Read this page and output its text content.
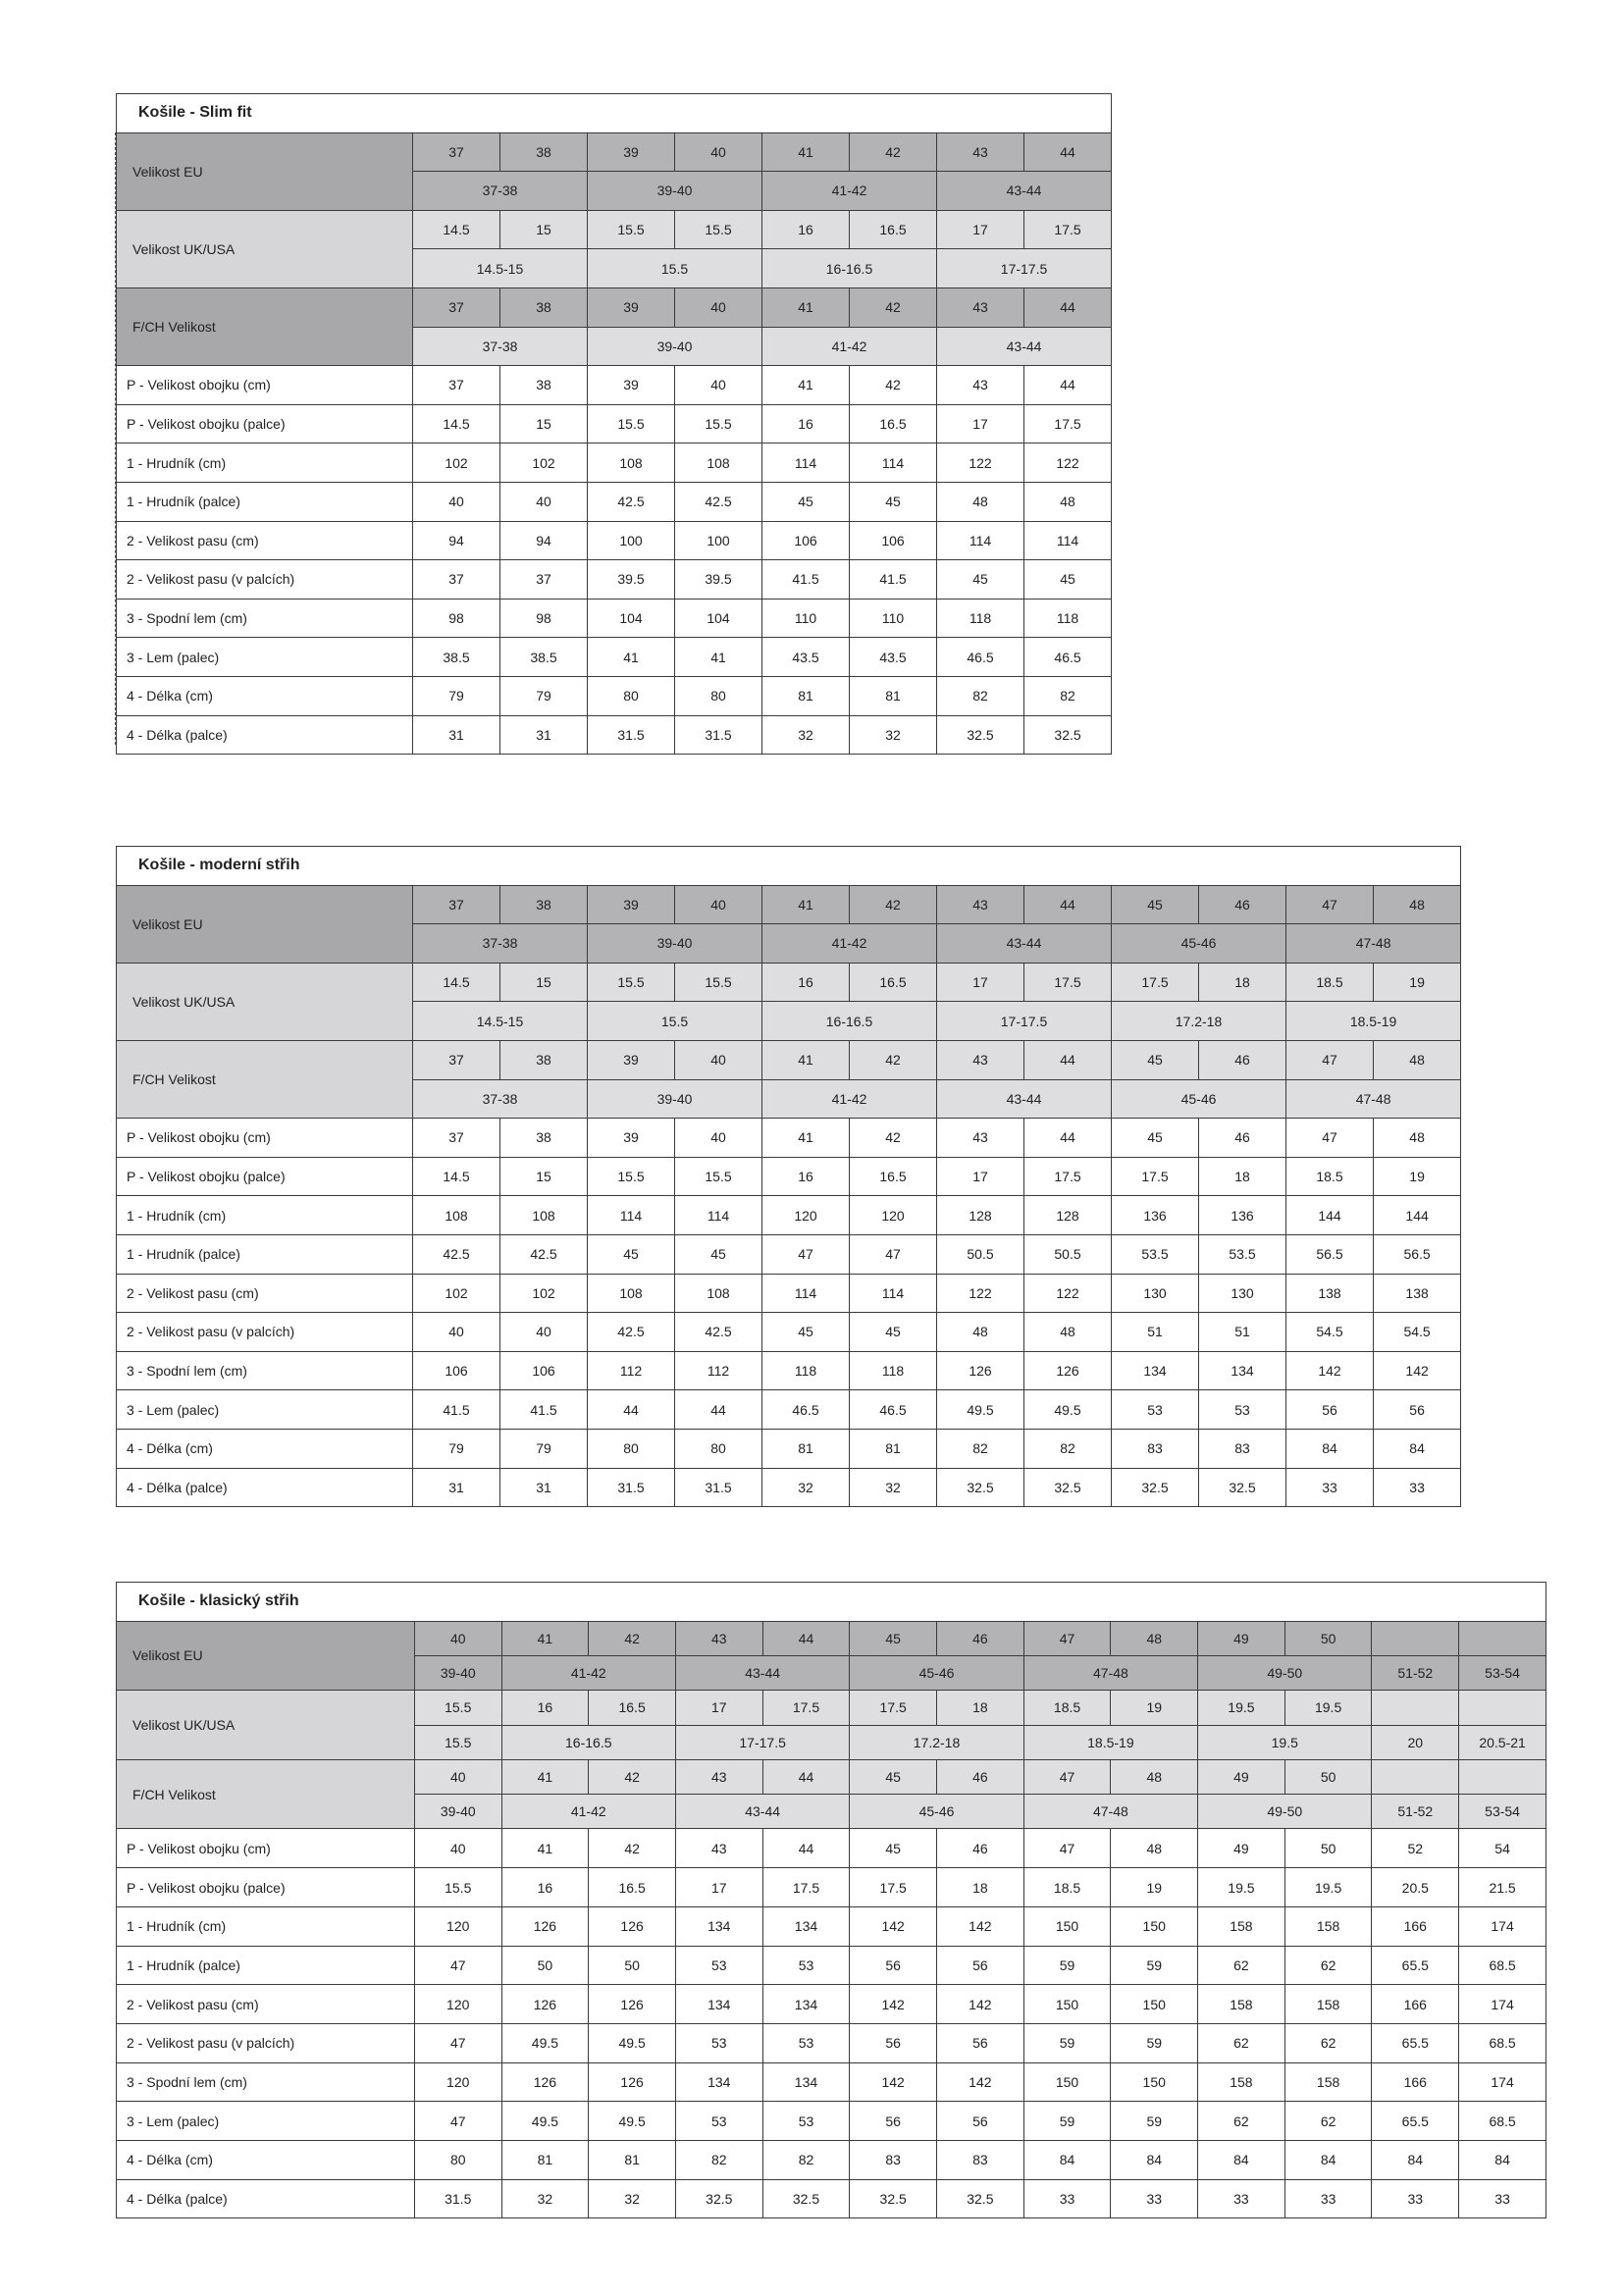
Košile - Slim fit								
Velikost EU	37	38	39	40	41	42	43	44
	37-38		39-40		41-42		43-44	
Velikost UK/USA	14.5	15	15.5	15.5	16	16.5	17	17.5
	14.5-15		15.5		16-16.5		17-17.5	
F/CH Velikost	37	38	39	40	41	42	43	44
	37-38		39-40		41-42		43-44	
P - Velikost obojku (cm)	37	38	39	40	41	42	43	44
P - Velikost obojku (palce)	14.5	15	15.5	15.5	16	16.5	17	17.5
1 - Hrudník (cm)	102	102	108	108	114	114	122	122
1 - Hrudník (palce)	40	40	42.5	42.5	45	45	48	48
2 - Velikost pasu (cm)	94	94	100	100	106	106	114	114
2 - Velikost pasu (v palcích)	37	37	39.5	39.5	41.5	41.5	45	45
3 - Spodní lem (cm)	98	98	104	104	110	110	118	118
3 - Lem (palec)	38.5	38.5	41	41	43.5	43.5	46.5	46.5
4 - Délka (cm)	79	79	80	80	81	81	82	82
4 - Délka (palce)	31	31	31.5	31.5	32	32	32.5	32.5
Košile - moderní střih												
Velikost EU	37	38	39	40	41	42	43	44	45	46	47	48
	37-38		39-40		41-42		43-44		45-46		47-48	
Velikost UK/USA	14.5	15	15.5	15.5	16	16.5	17	17.5	17.5	18	18.5	19
	14.5-15		15.5		16-16.5		17-17.5		17.2-18		18.5-19	
F/CH Velikost	37	38	39	40	41	42	43	44	45	46	47	48
	37-38		39-40		41-42		43-44		45-46		47-48	
P - Velikost obojku (cm)	37	38	39	40	41	42	43	44	45	46	47	48
P - Velikost obojku (palce)	14.5	15	15.5	15.5	16	16.5	17	17.5	17.5	18	18.5	19
1 - Hrudník (cm)	108	108	114	114	120	120	128	128	136	136	144	144
1 - Hrudník (palce)	42.5	42.5	45	45	47	47	50.5	50.5	53.5	53.5	56.5	56.5
2 - Velikost pasu (cm)	102	102	108	108	114	114	122	122	130	130	138	138
2 - Velikost pasu (v palcích)	40	40	42.5	42.5	45	45	48	48	51	51	54.5	54.5
3 - Spodní lem (cm)	106	106	112	112	118	118	126	126	134	134	142	142
3 - Lem (palec)	41.5	41.5	44	44	46.5	46.5	49.5	49.5	53	53	56	56
4 - Délka (cm)	79	79	80	80	81	81	82	82	83	83	84	84
4 - Délka (palce)	31	31	31.5	31.5	32	32	32.5	32.5	32.5	32.5	33	33
Košile - klasický střih													
Velikost EU	40	41	42	43	44	45	46	47	48	49	50		
	39-40	41-42		43-44		45-46		47-48		49-50		51-52	53-54
Velikost UK/USA	15.5	16	16.5	17	17.5	17.5	18	18.5	19	19.5	19.5		
	15.5	16-16.5		17-17.5		17.2-18		18.5-19		19.5		20	20.5-21
F/CH Velikost	40	41	42	43	44	45	46	47	48	49	50		
	39-40	41-42		43-44		45-46		47-48		49-50		51-52	53-54
P - Velikost obojku (cm)	40	41	42	43	44	45	46	47	48	49	50	52	54
P - Velikost obojku (palce)	15.5	16	16.5	17	17.5	17.5	18	18.5	19	19.5	19.5	20.5	21.5
1 - Hrudník (cm)	120	126	126	134	134	142	142	150	150	158	158	166	174
1 - Hrudník (palce)	47	50	50	53	53	56	56	59	59	62	62	65.5	68.5
2 - Velikost pasu (cm)	120	126	126	134	134	142	142	150	150	158	158	166	174
2 - Velikost pasu (v palcích)	47	49.5	49.5	53	53	56	56	59	59	62	62	65.5	68.5
3 - Spodní lem (cm)	120	126	126	134	134	142	142	150	150	158	158	166	174
3 - Lem (palec)	47	49.5	49.5	53	53	56	56	59	59	62	62	65.5	68.5
4 - Délka (cm)	80	81	81	82	82	83	83	84	84	84	84	84	84
4 - Délka (palce)	31.5	32	32	32.5	32.5	32.5	32.5	33	33	33	33	33	33
